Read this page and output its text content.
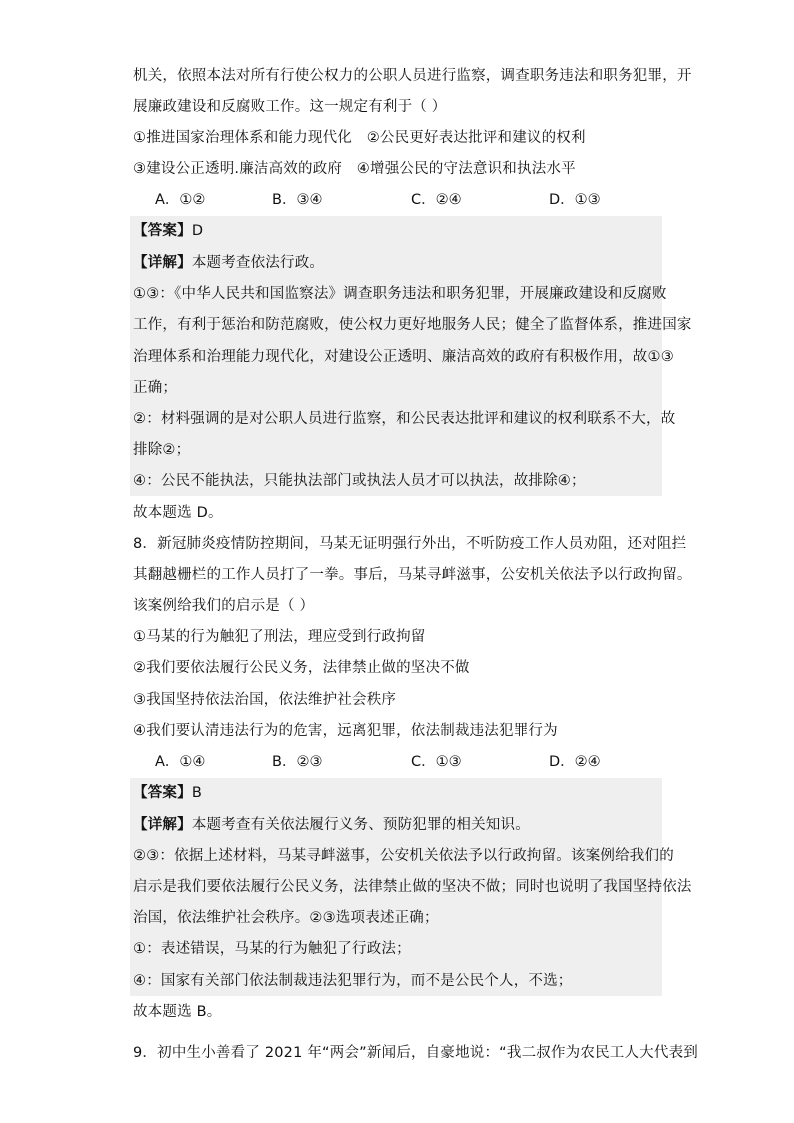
机关，依照本法对所有行使公权力的公职人员进行监察，调查职务违法和职务犯罪，开
展廉政建设和反腐败工作。这一规定有利于（ ）
①推进国家治理体系和能力现代化　②公民更好表达批评和建议的权利
③建设公正透明.廉洁高效的政府　④增强公民的守法意识和执法水平
A．①②	B．③④	C．②④	D．①③
【答案】D
【详解】本题考查依法行政。
①③：《中华人民共和国监察法》调查职务违法和职务犯罪，开展廉政建设和反腐败
工作，有利于惩治和防范腐败，使公权力更好地服务人民；健全了监督体系，推进国家
治理体系和治理能力现代化，对建设公正透明、廉洁高效的政府有积极作用，故①③
正确；
②：材料强调的是对公职人员进行监察，和公民表达批评和建议的权利联系不大，故
排除②；
④：公民不能执法，只能执法部门或执法人员才可以执法，故排除④；
故本题选 D。
8．新冠肺炎疫情防控期间，马某无证明强行外出，不听防疫工作人员劝阻，还对阻拦
其翻越栅栏的工作人员打了一拳。事后，马某寻衅滋事，公安机关依法予以行政拘留。
该案例给我们的启示是（ ）
①马某的行为触犯了刑法，理应受到行政拘留
②我们要依法履行公民义务，法律禁止做的坚决不做
③我国坚持依法治国，依法维护社会秩序
④我们要认清违法行为的危害，远离犯罪，依法制裁违法犯罪行为
A．①④	B．②③	C．①③	D．②④
【答案】B
【详解】本题考查有关依法履行义务、预防犯罪的相关知识。
②③：依据上述材料，马某寻衅滋事，公安机关依法予以行政拘留。该案例给我们的
启示是我们要依法履行公民义务，法律禁止做的坚决不做；同时也说明了我国坚持依法
治国，依法维护社会秩序。②③选项表述正确；
①：表述错误，马某的行为触犯了行政法；
④：国家有关部门依法制裁违法犯罪行为，而不是公民个人，不选；
故本题选 B。
9．初中生小善看了 2021 年“两会”新闻后，自豪地说：“我二叔作为农民工人大代表到
